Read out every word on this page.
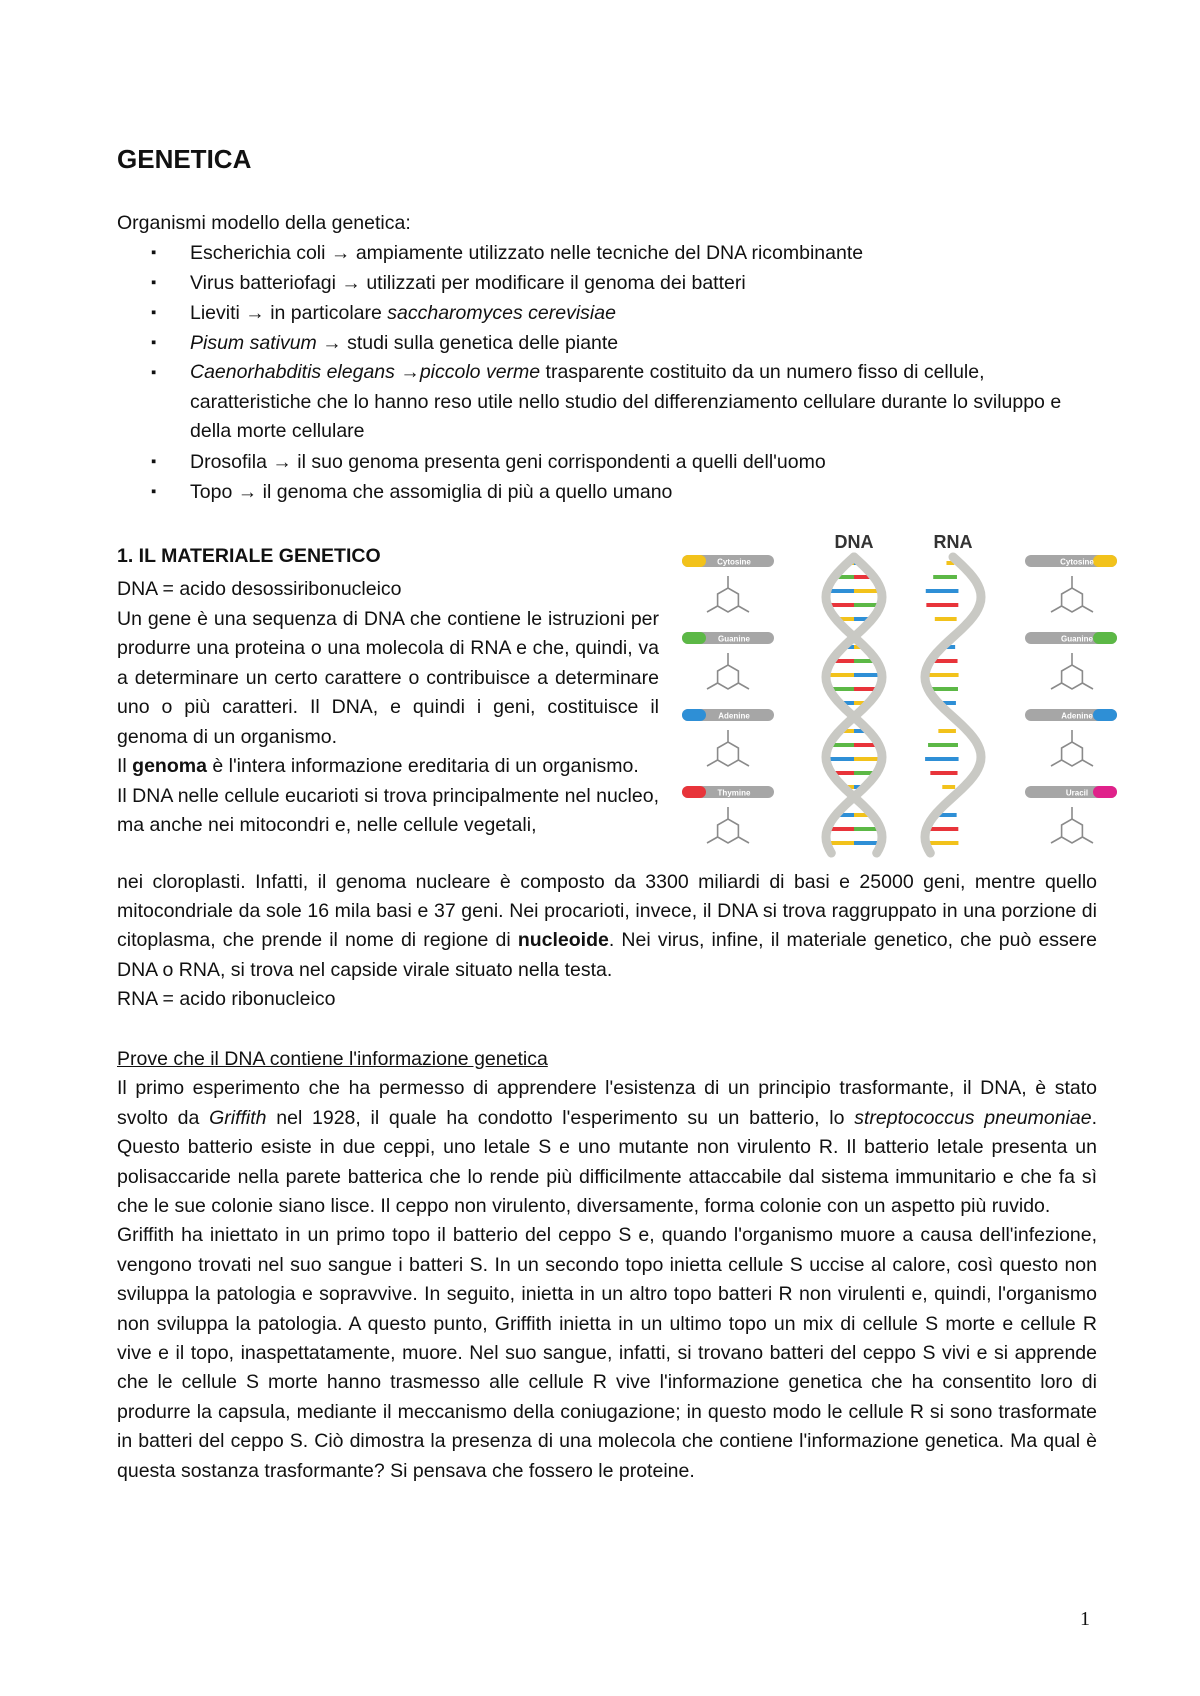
GENETICA

Organismi modello della genetica:

▪ Escherichia coli → ampiamente utilizzato nelle tecniche del DNA ricombinante
▪ Virus batteriofagi → utilizzati per modificare il genoma dei batteri
▪ Lieviti → in particolare saccharomyces cerevisiae
▪ Pisum sativum → studi sulla genetica delle piante
▪ Caenorhabditis elegans →piccolo verme trasparente costituito da un numero fisso di cellule, caratteristiche che lo hanno reso utile nello studio del differenziamento cellulare durante lo sviluppo e della morte cellulare
▪ Drosofila → il suo genoma presenta geni corrispondenti a quelli dell'uomo
▪ Topo → il genoma che assomiglia di più a quello umano
1. IL MATERIALE GENETICO

DNA = acido desossiribonucleico

Un gene è una sequenza di DNA che contiene le istruzioni per produrre una proteina o una molecola di RNA e che, quindi, va a determinare un certo carattere o contribuisce a determinare uno o più caratteri. Il DNA, e quindi i geni, costituisce il genoma di un organismo.

Il genoma è l'intera informazione ereditaria di un organismo.

Il DNA nelle cellule eucarioti si trova principalmente nel nucleo, ma anche nei mitocondri e, nelle cellule vegetali,

nei cloroplasti. Infatti, il genoma nucleare è composto da 3300 miliardi di basi e 25000 geni, mentre quello mitocondriale da sole 16 mila basi e 37 geni. Nei procarioti, invece, il DNA si trova raggruppato in una porzione di citoplasma, che prende il nome di regione di nucleoide. Nei virus, infine, il materiale genetico, che può essere DNA o RNA, si trova nel capside virale situato nella testa.

RNA = acido ribonucleico

Prove che il DNA contiene l'informazione genetica

Il primo esperimento che ha permesso di apprendere l'esistenza di un principio trasformante, il DNA, è stato svolto da Griffith nel 1928, il quale ha condotto l'esperimento su un batterio, lo streptococcus pneumoniae. Questo batterio esiste in due ceppi, uno letale S e uno mutante non virulento R. Il batterio letale presenta un polisaccaride nella parete batterica che lo rende più difficilmente attaccabile dal sistema immunitario e che fa sì che le sue colonie siano lisce. Il ceppo non virulento, diversamente, forma colonie con un aspetto più ruvido.

Griffith ha iniettato in un primo topo il batterio del ceppo S e, quando l'organismo muore a causa dell'infezione, vengono trovati nel suo sangue i batteri S. In un secondo topo inietta cellule S uccise al calore, così questo non sviluppa la patologia e sopravvive. In seguito, inietta in un altro topo batteri R non virulenti e, quindi, l'organismo non sviluppa la patologia. A questo punto, Griffith inietta in un ultimo topo un mix di cellule S morte e cellule R vive e il topo, inaspettatamente, muore. Nel suo sangue, infatti, si trovano batteri del ceppo S vivi e si apprende che le cellule S morte hanno trasmesso alle cellule R vive l'informazione genetica che ha consentito loro di produrre la capsula, mediante il meccanismo della coniugazione; in questo modo le cellule R si sono trasformate in batteri del ceppo S. Ciò dimostra la presenza di una molecola che contiene l'informazione genetica. Ma qual è questa sostanza trasformante? Si pensava che fossero le proteine.

DNA	RNA
Cytosine	Cytosine
Guanine	Guanine
Adenine	Adenine
Thymine	Uracil
1
